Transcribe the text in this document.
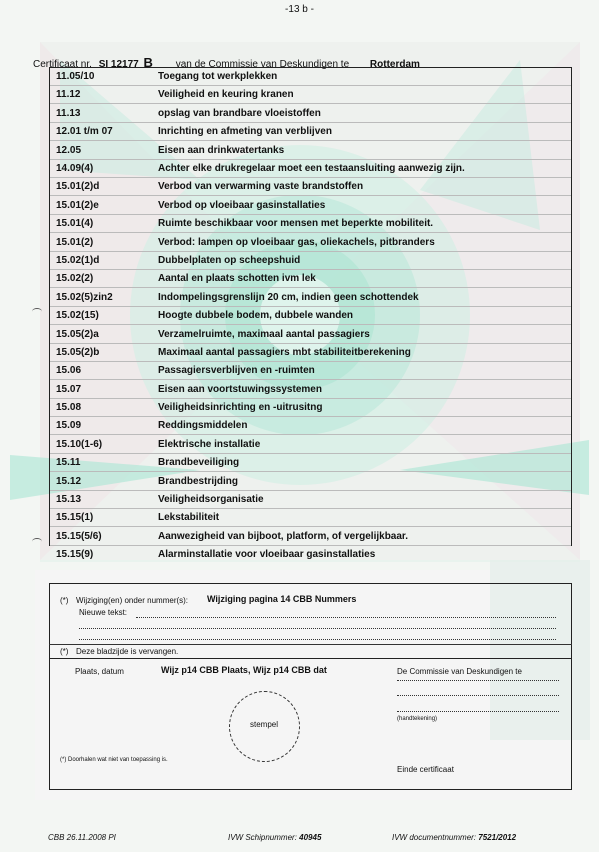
-13 b -
Certificaat nr. SI 12177 B van de Commissie van Deskundigen te Rotterdam
11.05/10	Toegang tot werkplekken
11.12	Veiligheid en keuring kranen
11.13	opslag van brandbare vloeistoffen
12.01 t/m 07	Inrichting en afmeting van verblijven
12.05	Eisen aan drinkwatertanks
14.09(4)	Achter elke drukregelaar moet een testaansluiting aanwezig zijn.
15.01(2)d	Verbod van verwarming vaste brandstoffen
15.01(2)e	Verbod op vloeibaar gasinstallaties
15.01(4)	Ruimte beschikbaar voor mensen met beperkte mobiliteit.
15.01(2)	Verbod: lampen op vloeibaar gas, oliekachels, pitbranders
15.02(1)d	Dubbelplaten op scheepshuid
15.02(2)	Aantal en plaats schotten ivm lek
15.02(5)zin2	Indompelingsgrenslijn 20 cm, indien geen schottendek
15.02(15)	Hoogte dubbele bodem, dubbele wanden
15.05(2)a	Verzamelruimte, maximaal aantal passagiers
15.05(2)b	Maximaal aantal passagiers mbt stabiliteitberekening
15.06	Passagiersverblijven en -ruimten
15.07	Eisen aan voortstuwingssystemen
15.08	Veiligheidsinrichting en -uitrusitng
15.09	Reddingsmiddelen
15.10(1-6)	Elektrische installatie
15.11	Brandbeveiliging
15.12	Brandbestrijding
15.13	Veiligheidsorganisatie
15.15(1)	Lekstabiliteit
15.15(5/6)	Aanwezigheid van bijboot, platform, of vergelijkbaar.
15.15(9)	Alarminstallatie voor vloeibaar gasinstallaties
(*) Wijziging(en) onder nummer(s): Wijziging pagina 14 CBB Nummers
Nieuwe tekst:
(*) Deze bladzijde is vervangen.
Plaats, datum	Wijz p14 CBB Plaats, Wijz p14 CBB dat	De Commissie van Deskundigen te
(handtekening)
(*) Doorhalen wat niet van toepassing is.
Einde certificaat
stempel
CBB 26.11.2008 PI	IVW Schipnummer: 40945	IVW documentnummer: 7521/2012
